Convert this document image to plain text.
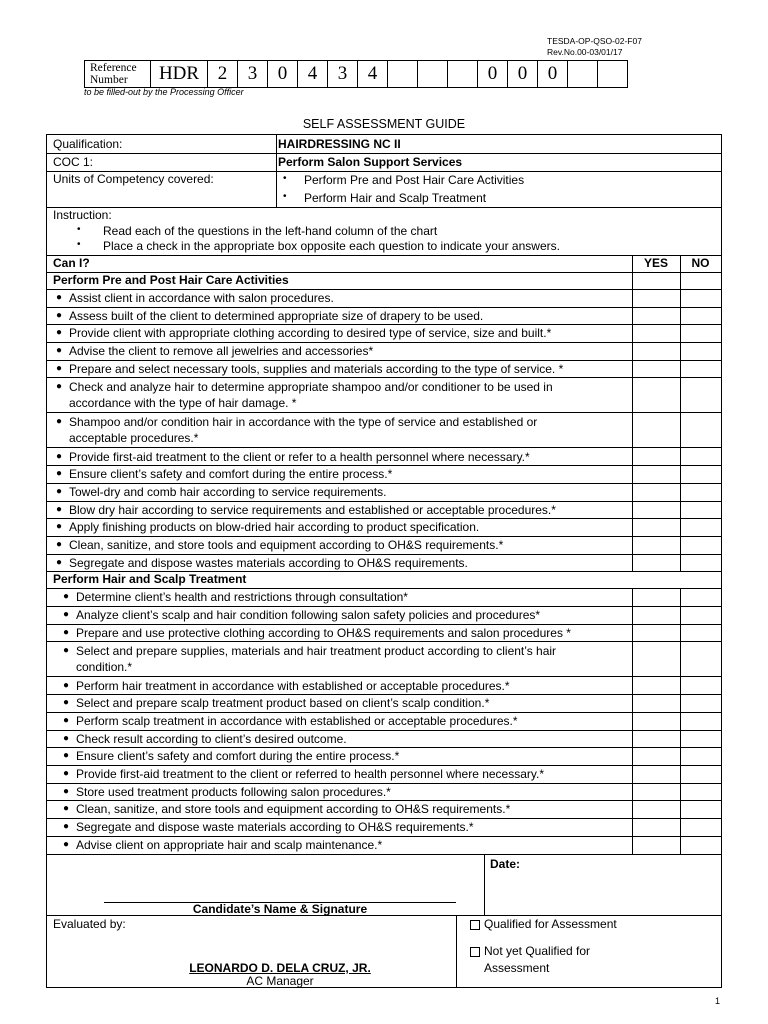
TESDA-OP-QSO-02-F07
Rev.No.00-03/01/17
Reference
Number	HDR	2	3	0	4	3	4				0	0	0		
to be filled-out by the Processing Officer
SELF ASSESSMENT GUIDE
Qualification:	HAIRDRESSING NC II
COC 1:	Perform Salon Support Services
Units of Competency covered:	• Perform Pre and Post Hair Care Activities
• Perform Hair and Scalp Treatment
Instruction:
• Read each of the questions in the left-hand column of the chart
• Place a check in the appropriate box opposite each question to indicate your answers.
Can I?	YES	NO
Perform Pre and Post Hair Care Activities
● Assist client in accordance with salon procedures.
● Assess built of the client to determined appropriate size of drapery to be used.
● Provide client with appropriate clothing according to desired type of service, size and built.*
● Advise the client to remove all jewelries and accessories*
● Prepare and select necessary tools, supplies and materials according to the type of service. *
● Check and analyze hair to determine appropriate shampoo and/or conditioner to be used in
accordance with the type of hair damage. *
● Shampoo and/or condition hair in accordance with the type of service and established or
acceptable procedures.*
● Provide first-aid treatment to the client or refer to a health personnel where necessary.*
● Ensure client’s safety and comfort during the entire process.*
● Towel-dry and comb hair according to service requirements.
● Blow dry hair according to service requirements and established or acceptable procedures.*
● Apply finishing products on blow-dried hair according to product specification.
● Clean, sanitize, and store tools and equipment according to OH&S requirements.*
● Segregate and dispose wastes materials according to OH&S requirements.
Perform Hair and Scalp Treatment
● Determine client’s health and restrictions through consultation*
● Analyze client’s scalp and hair condition following salon safety policies and procedures*
● Prepare and use protective clothing according to OH&S requirements and salon procedures *
● Select and prepare supplies, materials and hair treatment product according to client’s hair
condition.*
● Perform hair treatment in accordance with established or acceptable procedures.*
● Select and prepare scalp treatment product based on client’s scalp condition.*
● Perform scalp treatment in accordance with established or acceptable procedures.*
● Check result according to client’s desired outcome.
● Ensure client’s safety and comfort during the entire process.*
● Provide first-aid treatment to the client or referred to health personnel where necessary.*
● Store used treatment products following salon procedures.*
● Clean, sanitize, and store tools and equipment according to OH&S requirements.*
● Segregate and dispose waste materials according to OH&S requirements.*
● Advise client on appropriate hair and scalp maintenance.*
Date:
Candidate’s Name & Signature
Evaluated by:
LEONARDO D. DELA CRUZ, JR.
AC Manager
Qualified for Assessment
Not yet Qualified for
Assessment
1
